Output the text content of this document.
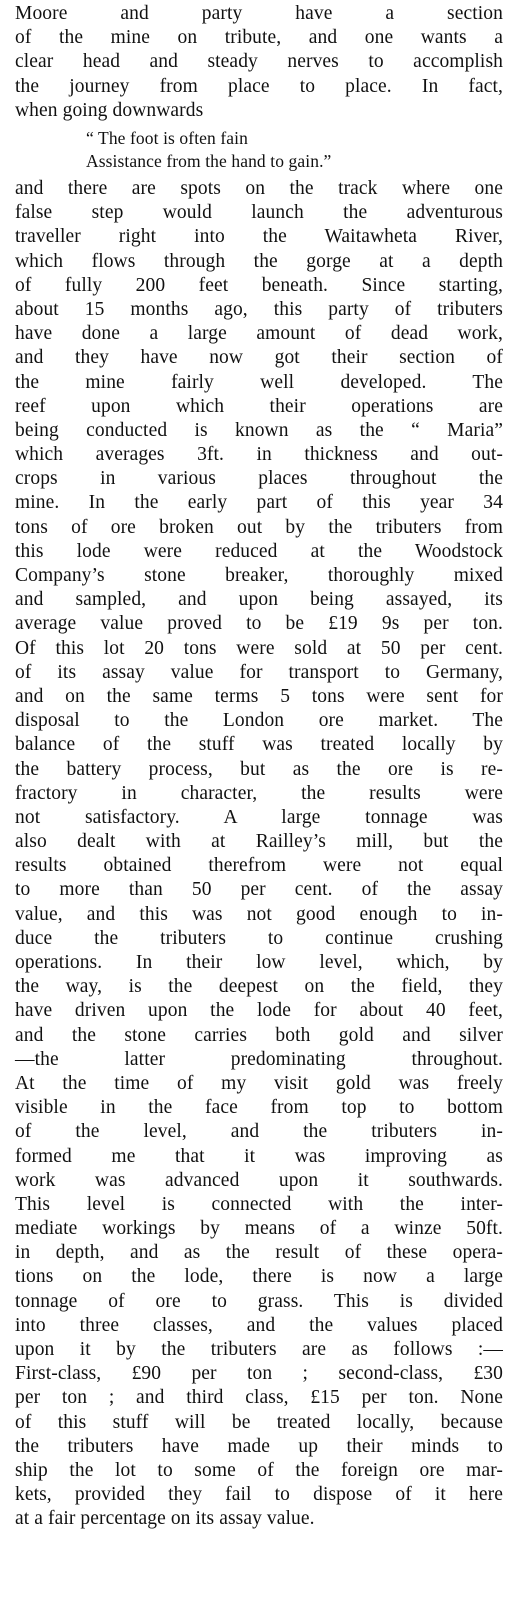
Moore and party have a section
of the mine on tribute, and one wants a
clear head and steady nerves to accomplish
the journey from place to place. In fact,
when going downwards
“ The foot is often fain
Assistance from the hand to gain.”
and there are spots on the track where one
false step would launch the adventurous
traveller right into the Waitawheta River,
which flows through the gorge at a depth
of fully 200 feet beneath. Since starting,
about 15 months ago, this party of tributers
have done a large amount of dead work,
and they have now got their section of
the mine fairly well developed. The
reef upon which their operations are
being conducted is known as the “ Maria”
which averages 3ft. in thickness and out-
crops in various places throughout the
mine. In the early part of this year 34
tons of ore broken out by the tributers from
this lode were reduced at the Woodstock
Company’s stone breaker, thoroughly mixed
and sampled, and upon being assayed, its
average value proved to be £19 9s per ton.
Of this lot 20 tons were sold at 50 per cent.
of its assay value for transport to Germany,
and on the same terms 5 tons were sent for
disposal to the London ore market. The
balance of the stuff was treated locally by
the battery process, but as the ore is re-
fractory in character, the results were
not satisfactory. A large tonnage was
also dealt with at Railley’s mill, but the
results obtained therefrom were not equal
to more than 50 per cent. of the assay
value, and this was not good enough to in-
duce the tributers to continue crushing
operations. In their low level, which, by
the way, is the deepest on the field, they
have driven upon the lode for about 40 feet,
and the stone carries both gold and silver
—the latter predominating throughout.
At the time of my visit gold was freely
visible in the face from top to bottom
of the level, and the tributers in-
formed me that it was improving as
work was advanced upon it southwards.
This level is connected with the inter-
mediate workings by means of a winze 50ft.
in depth, and as the result of these opera-
tions on the lode, there is now a large
tonnage of ore to grass. This is divided
into three classes, and the values placed
upon it by the tributers are as follows :—
First-class, £90 per ton ; second-class, £30
per ton ; and third class, £15 per ton. None
of this stuff will be treated locally, because
the tributers have made up their minds to
ship the lot to some of the foreign ore mar-
kets, provided they fail to dispose of it here
at a fair percentage on its assay value.
